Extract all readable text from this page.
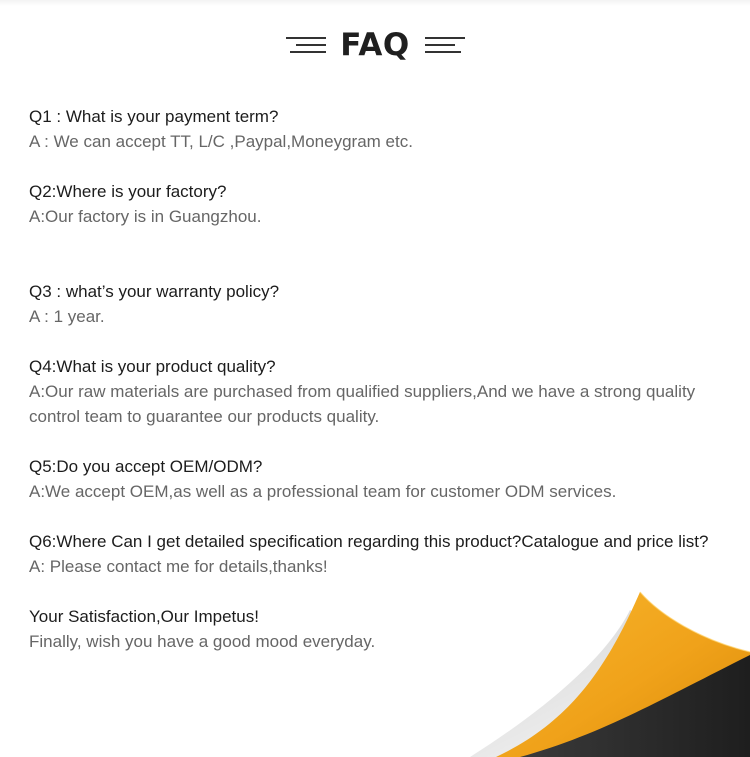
FAQ

Q1 : What is your payment term?

A : We can accept TT, L/C ,Paypal,Moneygram etc.

Q2:Where is your factory?

A:Our factory is in Guangzhou.

Q3 : what’s your warranty policy?

A : 1 year.

Q4:What is your product quality?

A:Our raw materials are purchased from qualified suppliers,And we have a strong quality control team to guarantee our products quality.

Q5:Do you accept OEM/ODM?

A:We accept OEM,as well as a professional team for customer ODM services.

Q6:Where Can I get detailed specification regarding this product?Catalogue and price list?

A: Please contact me for details,thanks!

Your Satisfaction,Our Impetus!

Finally, wish you have a good mood everyday.
